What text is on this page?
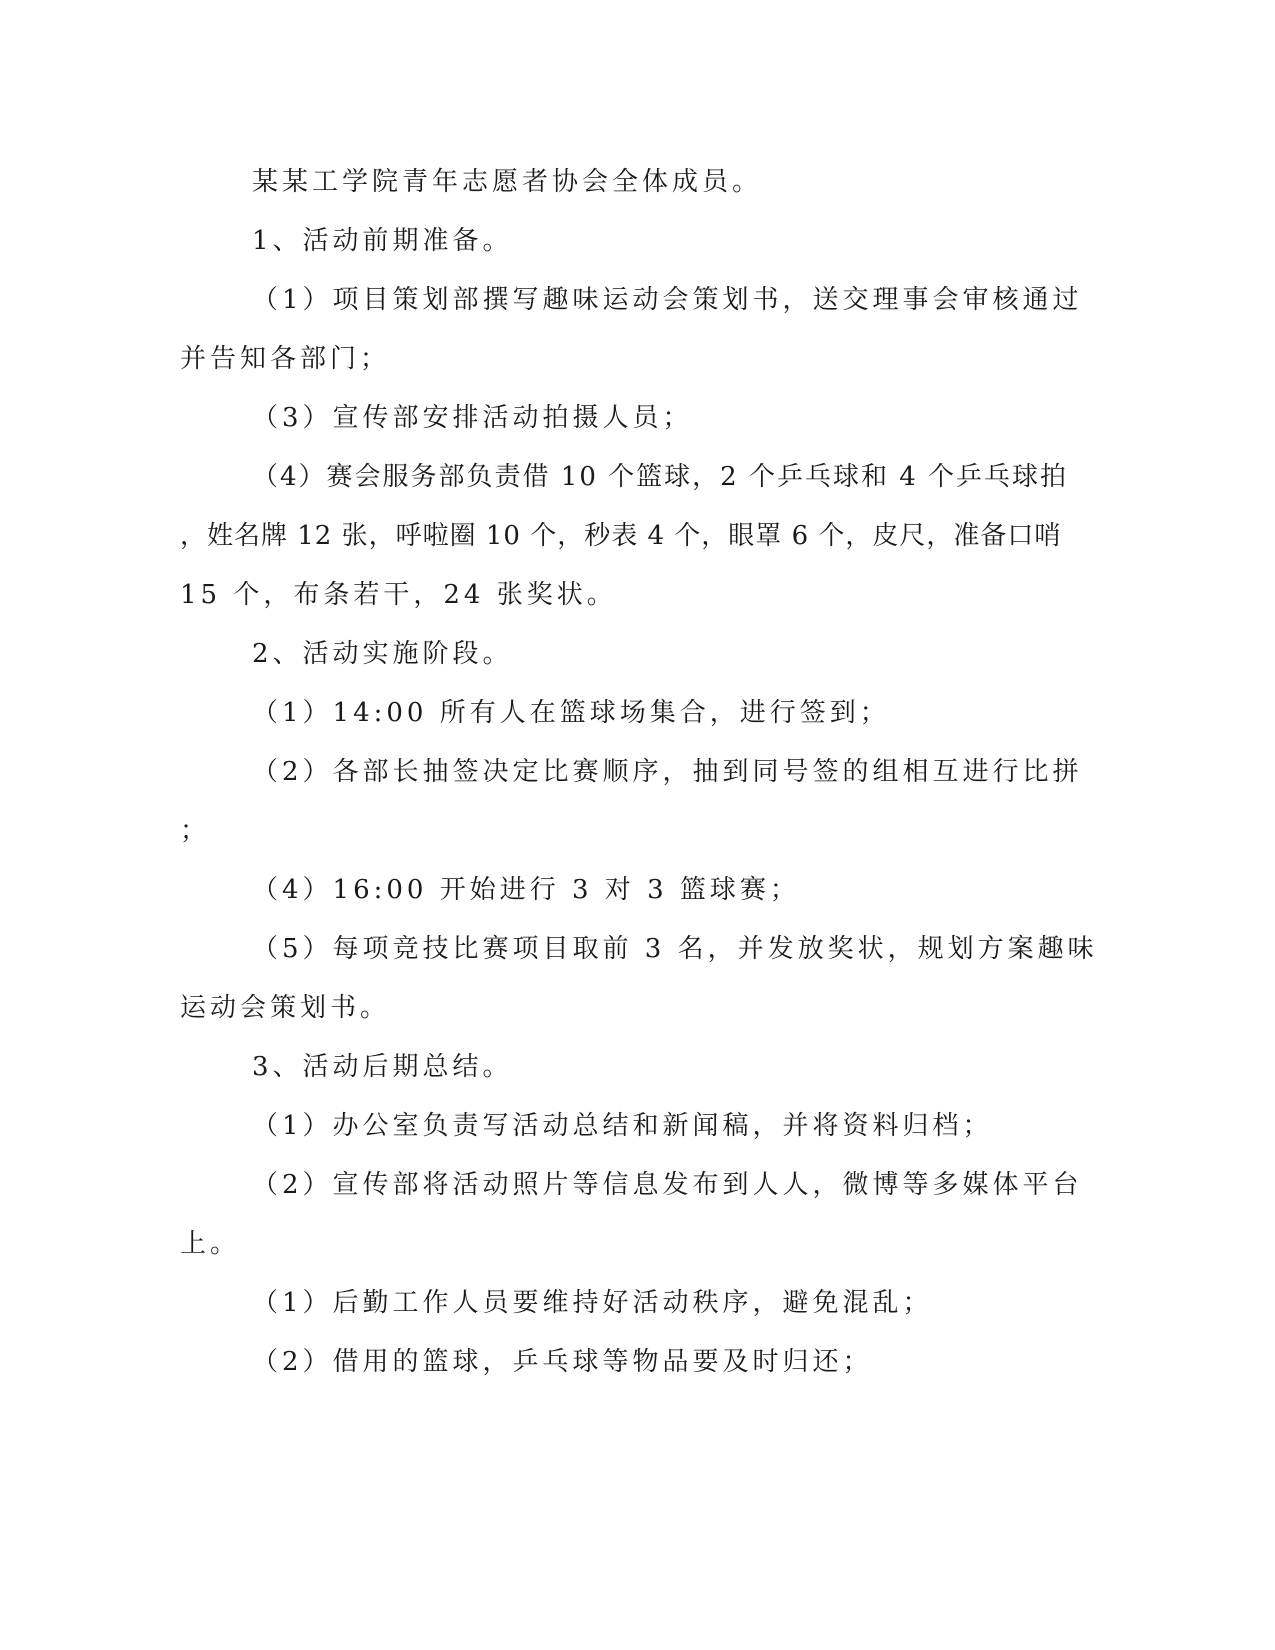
某某工学院青年志愿者协会全体成员。
1、活动前期准备。
（1）项目策划部撰写趣味运动会策划书，送交理事会审核通过
并告知各部门；
（3）宣传部安排活动拍摄人员；
（4）赛会服务部负责借 10 个篮球，2 个乒乓球和 4 个乒乓球拍
，姓名牌 12 张，呼啦圈 10 个，秒表 4 个，眼罩 6 个，皮尺，准备口哨
15 个，布条若干，24 张奖状。
2、活动实施阶段。
（1）14:00 所有人在篮球场集合，进行签到；
（2）各部长抽签决定比赛顺序，抽到同号签的组相互进行比拼
；
（4）16:00 开始进行 3 对 3 篮球赛；
（5）每项竞技比赛项目取前 3 名，并发放奖状，规划方案趣味
运动会策划书。
3、活动后期总结。
（1）办公室负责写活动总结和新闻稿，并将资料归档；
（2）宣传部将活动照片等信息发布到人人，微博等多媒体平台
上。
（1）后勤工作人员要维持好活动秩序，避免混乱；
（2）借用的篮球，乒乓球等物品要及时归还；
